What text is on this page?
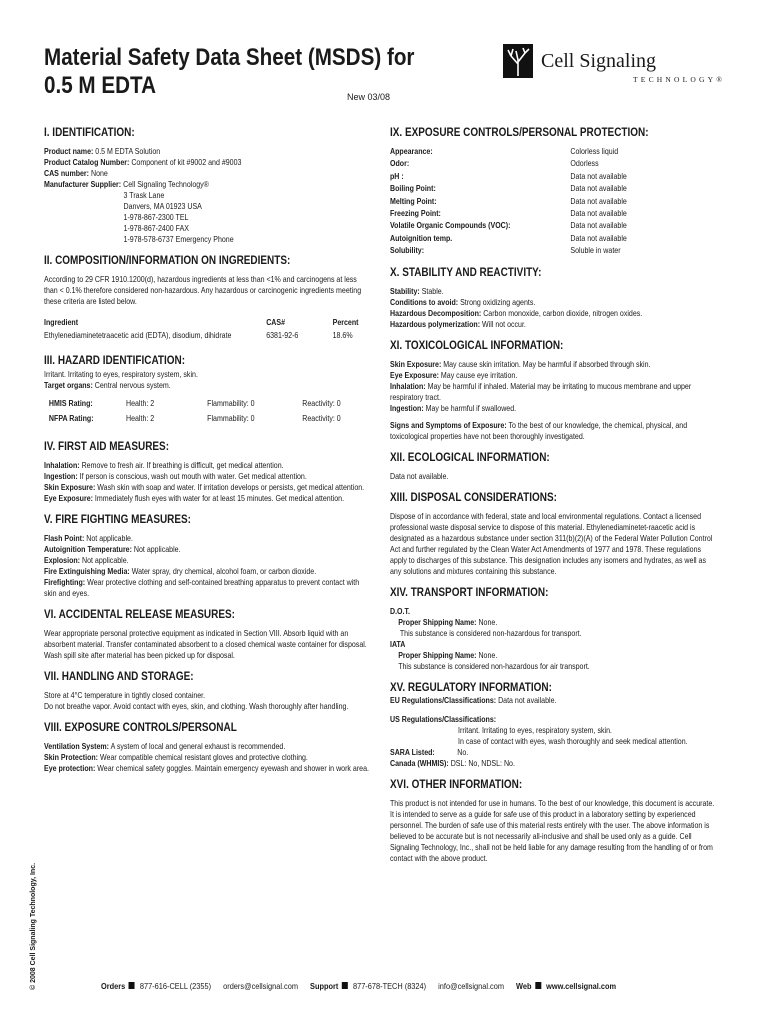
Material Safety Data Sheet (MSDS) for
0.5 M EDTA	New 03/08
Cell Signaling
TECHNOLOGY®
I. IDENTIFICATION:
Product name: 0.5 M EDTA Solution
Product Catalog Number: Component of kit #9002 and #9003
CAS number: None
Manufacturer Supplier: Cell Signaling Technology®
3 Trask Lane
Danvers, MA 01923 USA
1-978-867-2300 TEL
1-978-867-2400 FAX
1-978-578-6737 Emergency Phone
II. COMPOSITION/INFORMATION ON INGREDIENTS:
According to 29 CFR 1910.1200(d), hazardous ingredients at less than <1% and carcinogens at less than < 0.1% therefore considered non-hazardous. Any hazardous or carcinogenic ingredients meeting these criteria are listed below.
Ingredient	CAS#	Percent
Ethylenediaminetetraacetic acid (EDTA), disodium, dihidrate	6381-92-6	18.6%
III. HAZARD IDENTIFICATION:
Irritant. Irritating to eyes, respiratory system, skin.
Target organs: Central nervous system.
HMIS Rating:	Health: 2	Flammability: 0	Reactivity: 0
NFPA Rating:	Health: 2	Flammability: 0	Reactivity: 0
IV. FIRST AID MEASURES:
Inhalation: Remove to fresh air. If breathing is difficult, get medical attention.
Ingestion: If person is conscious, wash out mouth with water. Get medical attention.
Skin Exposure: Wash skin with soap and water. If irritation develops or persists, get medical attention.
Eye Exposure: Immediately flush eyes with water for at least 15 minutes. Get medical attention.
V. FIRE FIGHTING MEASURES:
Flash Point: Not applicable.
Autoignition Temperature: Not applicable.
Explosion: Not applicable.
Fire Extinguishing Media: Water spray, dry chemical, alcohol foam, or carbon dioxide.
Firefighting: Wear protective clothing and self-contained breathing apparatus to prevent contact with skin and eyes.
VI. ACCIDENTAL RELEASE MEASURES:
Wear appropriate personal protective equipment as indicated in Section VIII. Absorb liquid with an absorbent material. Transfer contaminated absorbent to a closed chemical waste container for disposal. Wash spill site after material has been picked up for disposal.
VII. HANDLING AND STORAGE:
Store at 4°C temperature in tightly closed container.
Do not breathe vapor. Avoid contact with eyes, skin, and clothing. Wash thoroughly after handling.
VIII. EXPOSURE CONTROLS/PERSONAL
Ventilation System: A system of local and general exhaust is recommended.
Skin Protection: Wear compatible chemical resistant gloves and protective clothing.
Eye protection: Wear chemical safety goggles. Maintain emergency eyewash and shower in work area.
IX. EXPOSURE CONTROLS/PERSONAL PROTECTION:
Appearance:	Colorless liquid
Odor:	Odorless
pH :	Data not available
Boiling Point:	Data not available
Melting Point:	Data not available
Freezing Point:	Data not available
Volatile Organic Compounds (VOC):	Data not available
Autoignition temp.	Data not available
Solubility:	Soluble in water
X. STABILITY AND REACTIVITY:
Stability: Stable.
Conditions to avoid: Strong oxidizing agents.
Hazardous Decomposition: Carbon monoxide, carbon dioxide, nitrogen oxides.
Hazardous polymerization: Will not occur.
XI. TOXICOLOGICAL INFORMATION:
Skin Exposure: May cause skin irritation. May be harmful if absorbed through skin.
Eye Exposure: May cause eye irritation.
Inhalation: May be harmful if inhaled. Material may be irritating to mucous membrane and upper respiratory tract.
Ingestion: May be harmful if swallowed.
Signs and Symptoms of Exposure: To the best of our knowledge, the chemical, physical, and toxicological properties have not been thoroughly investigated.
XII. ECOLOGICAL INFORMATION:
Data not available.
XIII. DISPOSAL CONSIDERATIONS:
Dispose of in accordance with federal, state and local environmental regulations. Contact a licensed professional waste disposal service to dispose of this material. Ethylenediaminetet-raacetic acid is designated as a hazardous substance under section 311(b)(2)(A) of the Federal Water Pollution Control Act and further regulated by the Clean Water Act Amendments of 1977 and 1978. These regulations apply to discharges of this substance. This designation includes any isomers and hydrates, as well as any solutions and mixtures containing this substance.
XIV. TRANSPORT INFORMATION:
D.O.T.
Proper Shipping Name: None.
This substance is considered non-hazardous for transport.
IATA
Proper Shipping Name: None.
This substance is considered non-hazardous for air transport.
XV. REGULATORY INFORMATION:
EU Regulations/Classifications: Data not available.
US Regulations/Classifications:
Irritant. Irritating to eyes, respiratory system, skin.
In case of contact with eyes, wash thoroughly and seek medical attention.
SARA Listed:	No.
Canada (WHMIS): DSL: No, NDSL: No.
XVI. OTHER INFORMATION:
This product is not intended for use in humans. To the best of our knowledge, this document is accurate. It is intended to serve as a guide for safe use of this product in a laboratory setting by experienced personnel. The burden of safe use of this material rests entirely with the user. The above information is believed to be accurate but is not necessarily all-inclusive and shall be used only as a guide. Cell Signaling Technology, Inc., shall not be held liable for any damage resulting from the handling of or from contact with the above product.
© 2008 Cell Signaling Technology, Inc.	Orders 877-616-CELL (2355) orders@cellsignal.com Support 877-678-TECH (8324) info@cellsignal.com Web www.cellsignal.com
